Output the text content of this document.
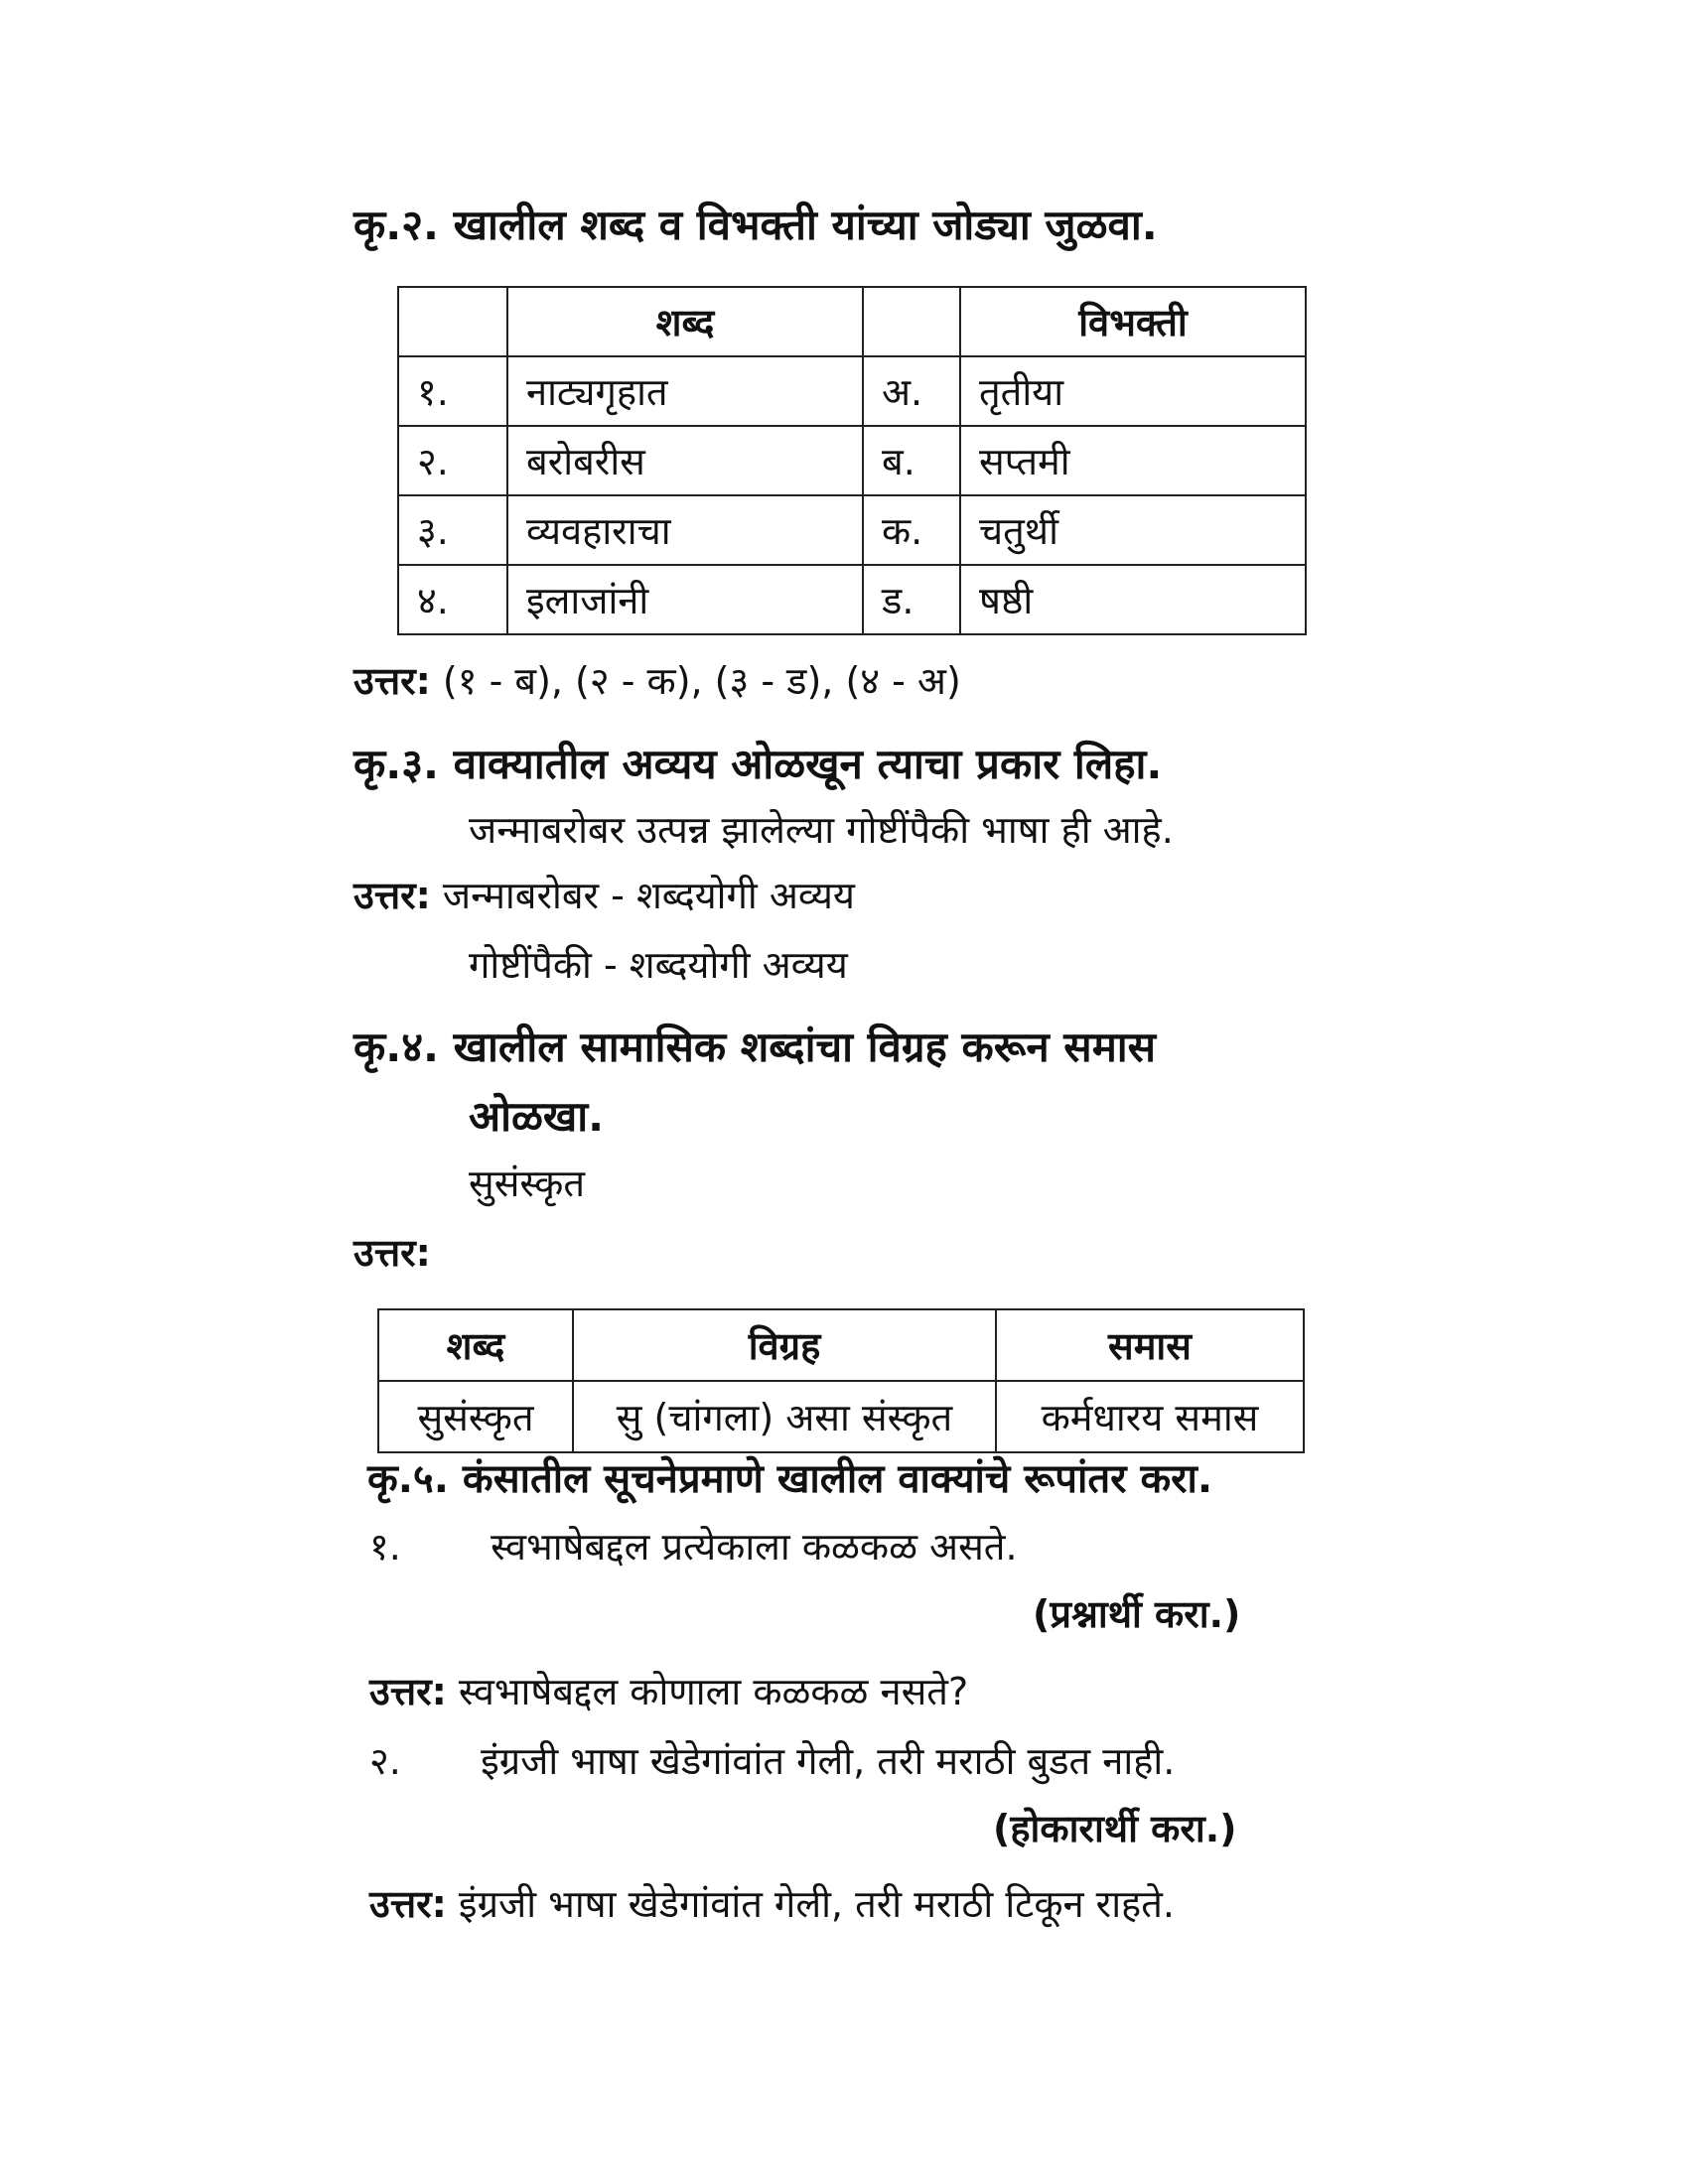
कृ.२. खालील शब्द व विभक्ती यांच्या जोड्या जुळवा.
	शब्द		विभक्ती
१.	नाट्यगृहात	अ.	तृतीया
२.	बरोबरीस	ब.	सप्तमी
३.	व्यवहाराचा	क.	चतुर्थी
४.	इलाजांनी	ड.	षष्ठी
उत्तर: (१ - ब), (२ - क), (३ - ड), (४ - अ)
कृ.३. वाक्यातील अव्यय ओळखून त्याचा प्रकार लिहा.
जन्माबरोबर उत्पन्न झालेल्या गोष्टींपैकी भाषा ही आहे.
उत्तर: जन्माबरोबर - शब्दयोगी अव्यय
गोष्टींपैकी - शब्दयोगी अव्यय
कृ.४. खालील सामासिक शब्दांचा विग्रह करून समास
ओळखा.
सुसंस्कृत
उत्तर:
शब्द	विग्रह	समास
सुसंस्कृत	सु (चांगला) असा संस्कृत	कर्मधारय समास
कृ.५. कंसातील सूचनेप्रमाणे खालील वाक्यांचे रूपांतर करा.
१. स्वभाषेबद्दल प्रत्येकाला कळकळ असते.
(प्रश्नार्थी करा.)
उत्तर: स्वभाषेबद्दल कोणाला कळकळ नसते?
२. इंग्रजी भाषा खेडेगांवांत गेली, तरी मराठी बुडत नाही.
(होकारार्थी करा.)
उत्तर: इंग्रजी भाषा खेडेगांवांत गेली, तरी मराठी टिकून राहते.
